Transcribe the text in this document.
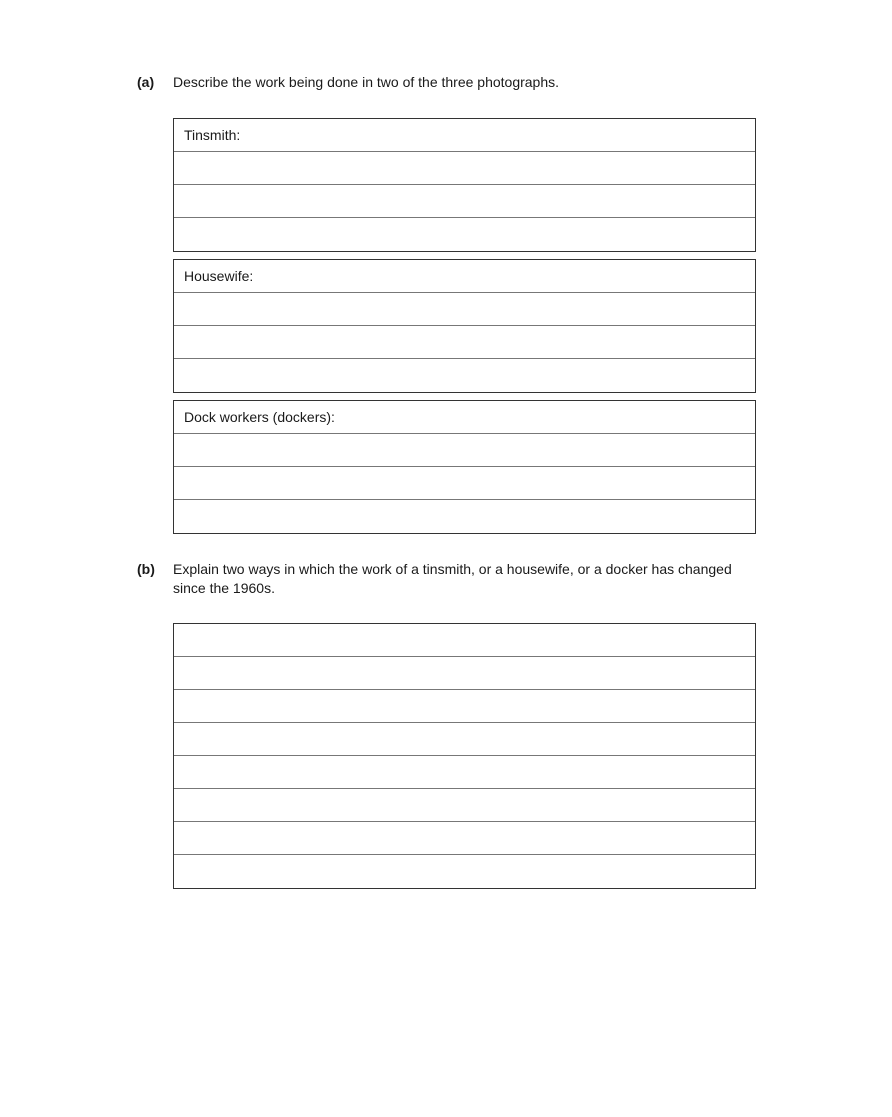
(a) Describe the work being done in two of the three photographs.
Tinsmith:
Housewife:
Dock workers (dockers):
(b) Explain two ways in which the work of a tinsmith, or a housewife, or a docker has changed
since the 1960s.
